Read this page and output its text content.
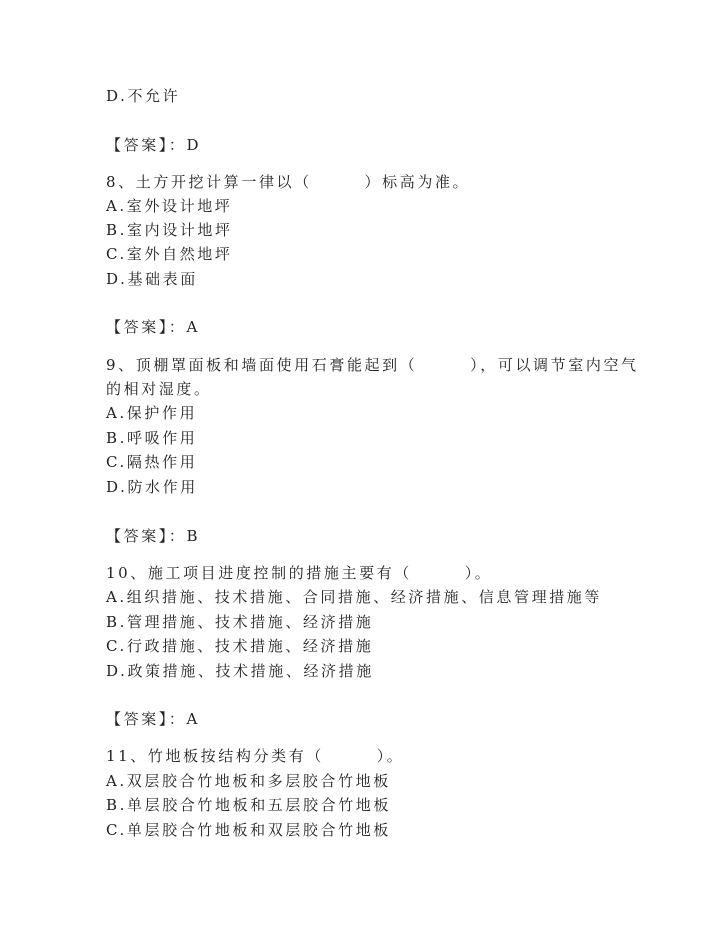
D.不允许
【答案】：D
8、土方开挖计算一律以（　　　）标高为准。
A.室外设计地坪
B.室内设计地坪
C.室外自然地坪
D.基础表面
【答案】：A
9、顶棚罩面板和墙面使用石膏能起到（　　　），可以调节室内空气
的相对湿度。
A.保护作用
B.呼吸作用
C.隔热作用
D.防水作用
【答案】：B
10、施工项目进度控制的措施主要有（　　　）。
A.组织措施、技术措施、合同措施、经济措施、信息管理措施等
B.管理措施、技术措施、经济措施
C.行政措施、技术措施、经济措施
D.政策措施、技术措施、经济措施
【答案】：A
11、竹地板按结构分类有（　　　）。
A.双层胶合竹地板和多层胶合竹地板
B.单层胶合竹地板和五层胶合竹地板
C.单层胶合竹地板和双层胶合竹地板
